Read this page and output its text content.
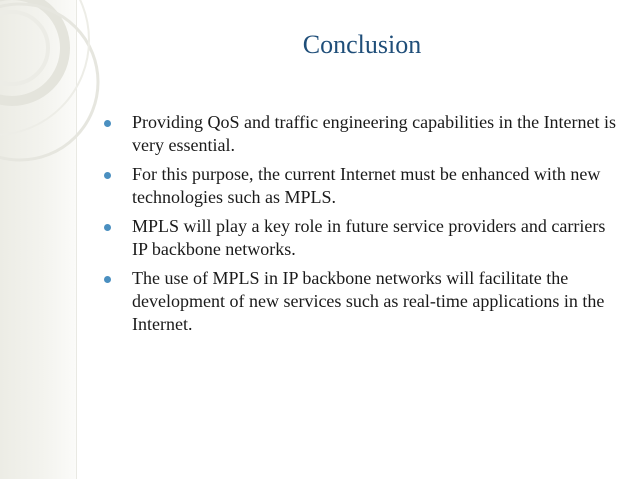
Conclusion
Providing QoS and traffic engineering capabilities in the Internet is very essential.
For this purpose, the current Internet must be enhanced with new technologies such as MPLS.
MPLS will play a key role in future service providers and carriers IP backbone networks.
The use of MPLS in IP backbone networks will facilitate the development of new services such as real-time applications in the Internet.
